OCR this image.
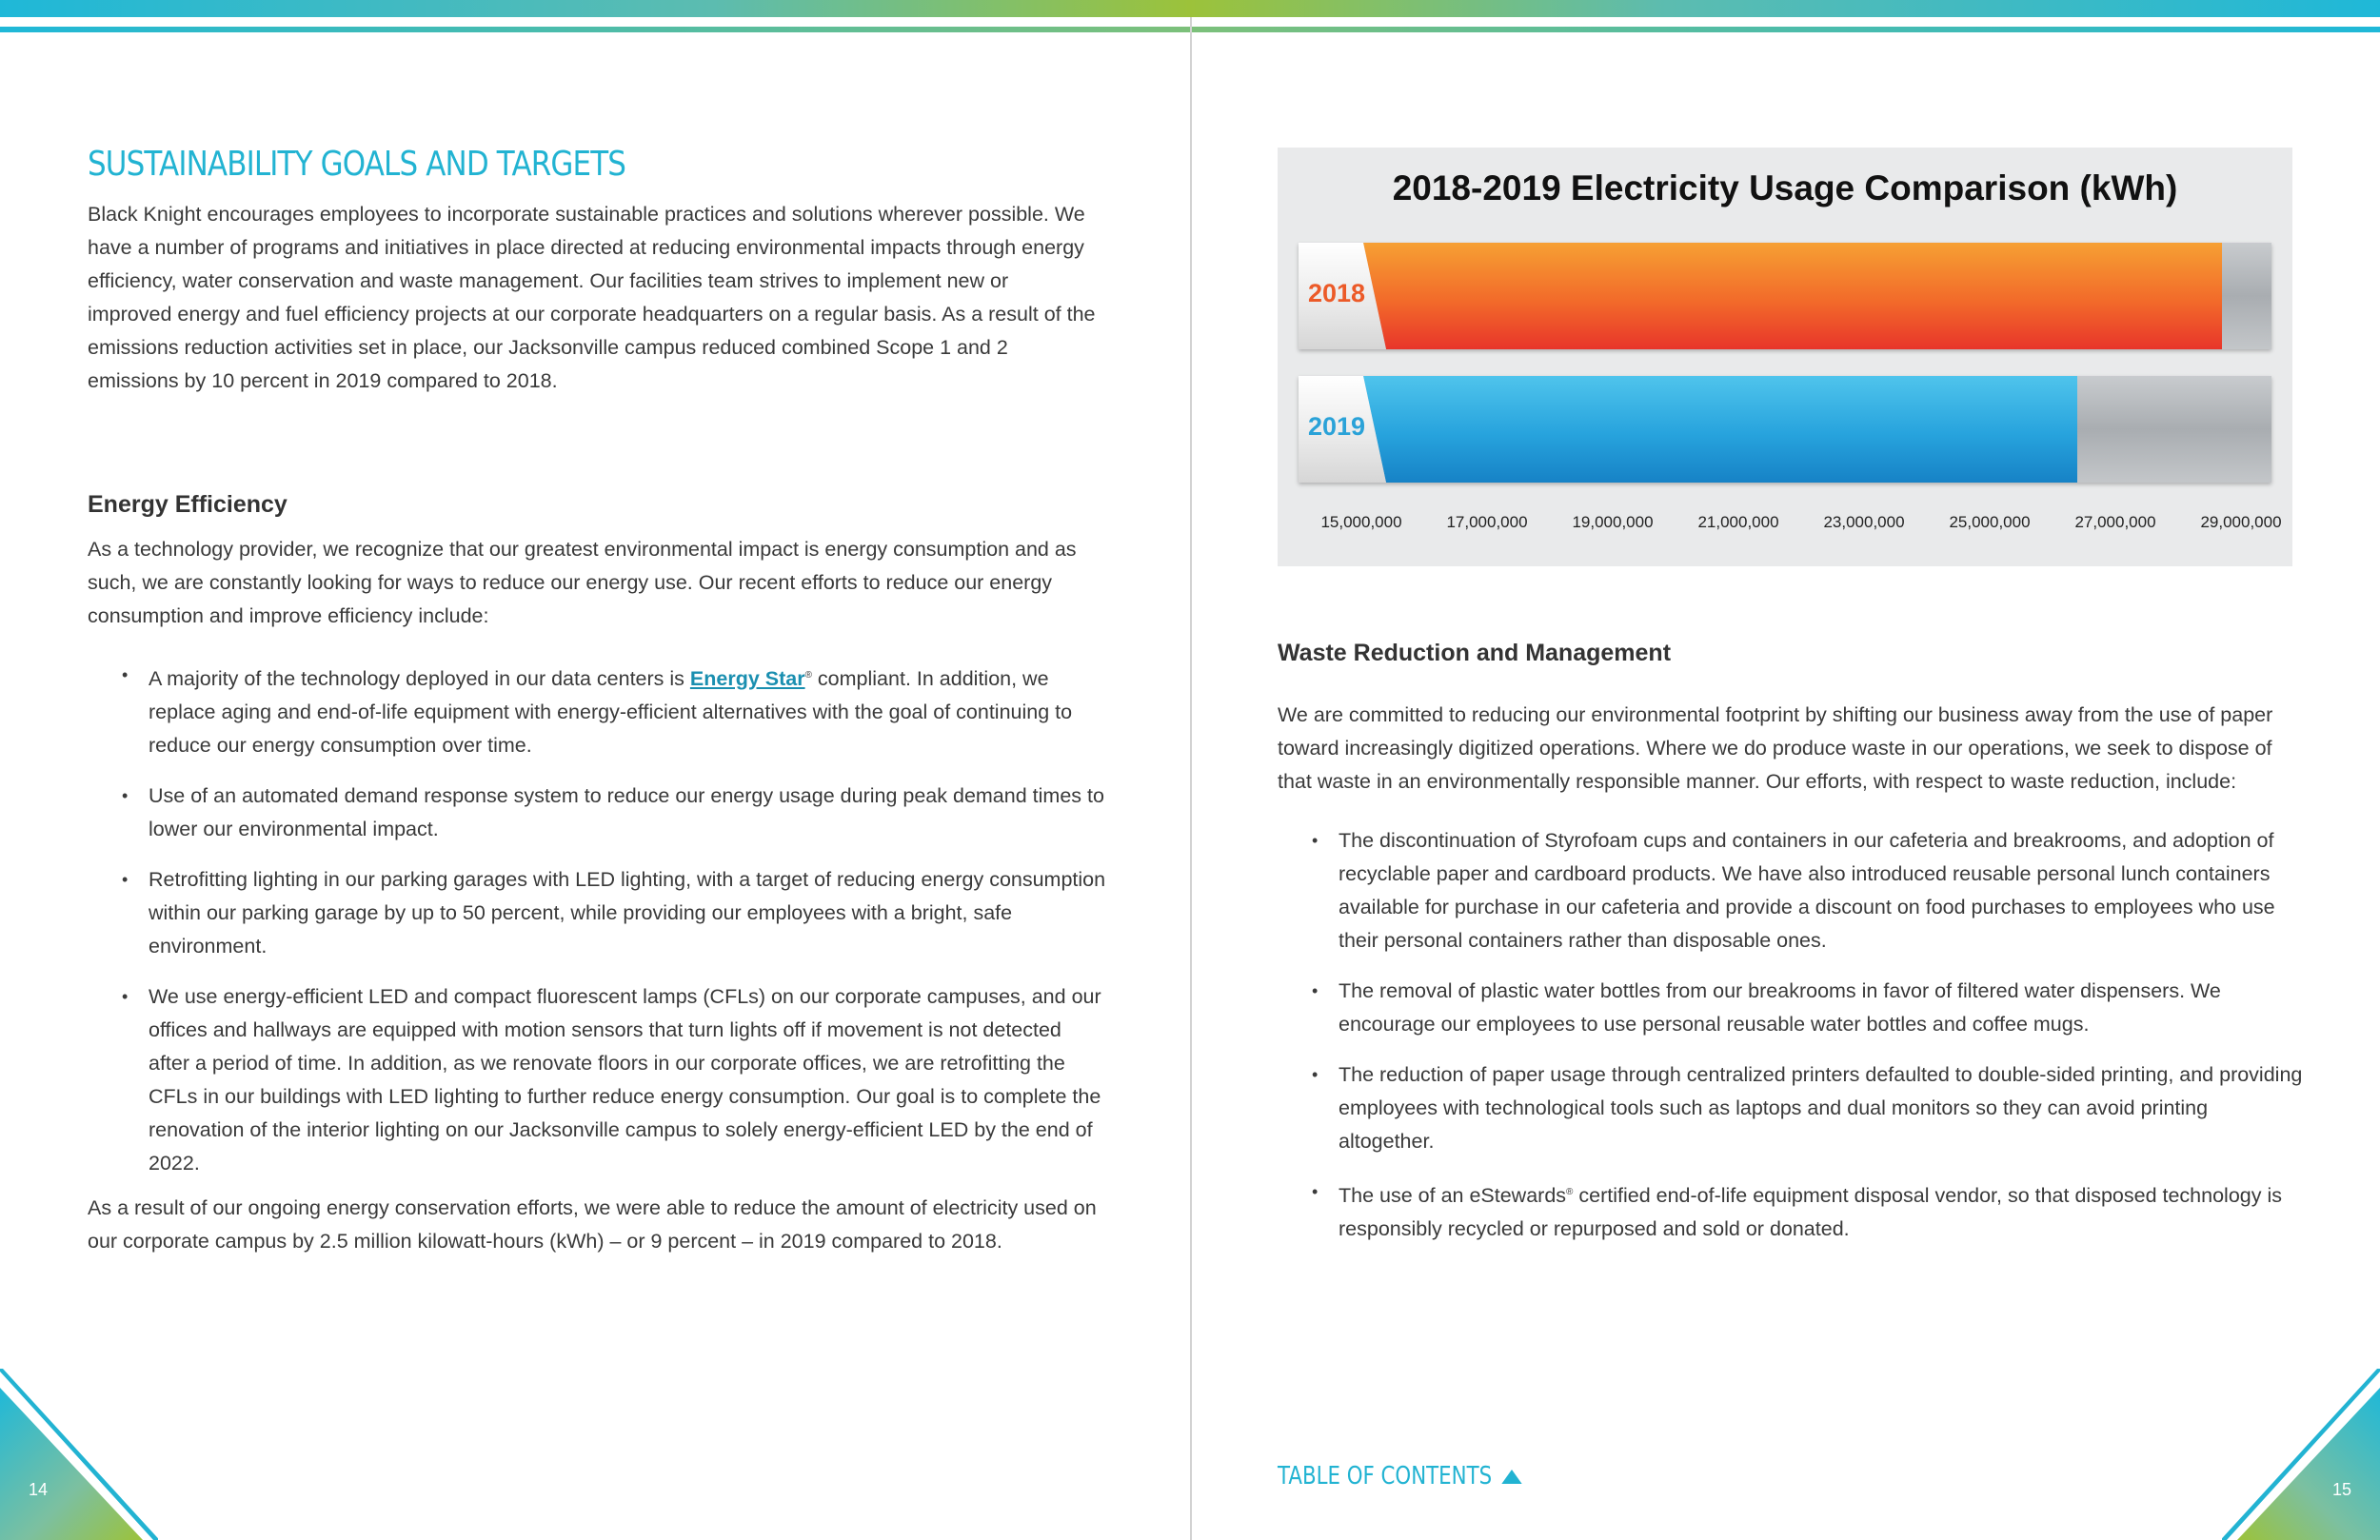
SUSTAINABILITY GOALS AND TARGETS

Black Knight encourages employees to incorporate sustainable practices and solutions wherever possible. We have a number of programs and initiatives in place directed at reducing environmental impacts through energy efficiency, water conservation and waste management. Our facilities team strives to implement new or improved energy and fuel efficiency projects at our corporate headquarters on a regular basis. As a result of the emissions reduction activities set in place, our Jacksonville campus reduced combined Scope 1 and 2 emissions by 10 percent in 2019 compared to 2018.

Energy Efficiency

As a technology provider, we recognize that our greatest environmental impact is energy consumption and as such, we are constantly looking for ways to reduce our energy use. Our recent efforts to reduce our energy consumption and improve efficiency include:

• A majority of the technology deployed in our data centers is Energy Star® compliant. In addition, we replace aging and end-of-life equipment with energy-efficient alternatives with the goal of continuing to reduce our energy consumption over time.
• Use of an automated demand response system to reduce our energy usage during peak demand times to lower our environmental impact.
• Retrofitting lighting in our parking garages with LED lighting, with a target of reducing energy consumption within our parking garage by up to 50 percent, while providing our employees with a bright, safe environment.
• We use energy-efficient LED and compact fluorescent lamps (CFLs) on our corporate campuses, and our offices and hallways are equipped with motion sensors that turn lights off if movement is not detected after a period of time. In addition, as we renovate floors in our corporate offices, we are retrofitting the CFLs in our buildings with LED lighting to further reduce energy consumption. Our goal is to complete the renovation of the interior lighting on our Jacksonville campus to solely energy-efficient LED by the end of 2022.

As a result of our ongoing energy conservation efforts, we were able to reduce the amount of electricity used on our corporate campus by 2.5 million kilowatt-hours (kWh) – or 9 percent – in 2019 compared to 2018.

14
2018-2019 Electricity Usage Comparison (kWh)
2018
2019
15,000,000	17,000,000	19,000,000	21,000,000	23,000,000	25,000,000	27,000,000	29,000,000
Waste Reduction and Management

We are committed to reducing our environmental footprint by shifting our business away from the use of paper toward increasingly digitized operations. Where we do produce waste in our operations, we seek to dispose of that waste in an environmentally responsible manner. Our efforts, with respect to waste reduction, include:

• The discontinuation of Styrofoam cups and containers in our cafeteria and breakrooms, and adoption of recyclable paper and cardboard products. We have also introduced reusable personal lunch containers available for purchase in our cafeteria and provide a discount on food purchases to employees who use their personal containers rather than disposable ones.
• The removal of plastic water bottles from our breakrooms in favor of filtered water dispensers. We encourage our employees to use personal reusable water bottles and coffee mugs.
• The reduction of paper usage through centralized printers defaulted to double-sided printing, and providing employees with technological tools such as laptops and dual monitors so they can avoid printing altogether.
• The use of an eStewards® certified end-of-life equipment disposal vendor, so that disposed technology is responsibly recycled or repurposed and sold or donated.
TABLE OF CONTENTS	15
